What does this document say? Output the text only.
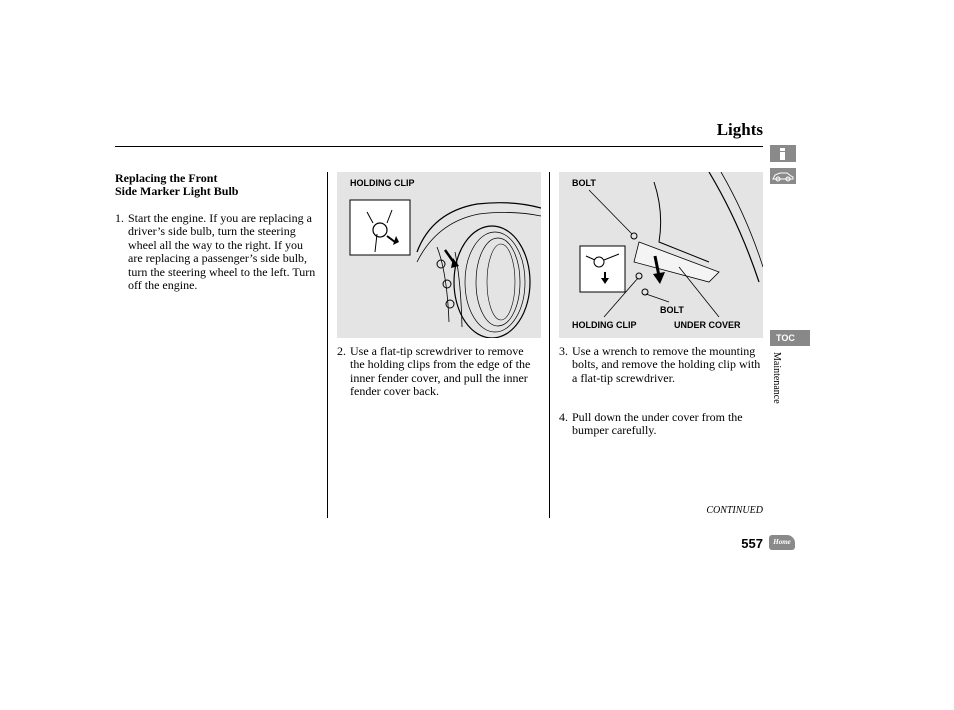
Lights
Replacing the Front
Side Marker Light Bulb
1. Start the engine. If you are replacing a driver’s side bulb, turn the steering wheel all the way to the right. If you are replacing a passenger’s side bulb, turn the steering wheel to the left. Turn off the engine.
HOLDING CLIP
2. Use a flat-tip screwdriver to remove the holding clips from the edge of the inner fender cover, and pull the inner fender cover back.
BOLT
BOLT
HOLDING CLIP	UNDER COVER
3. Use a wrench to remove the mounting bolts, and remove the holding clip with a flat-tip screwdriver.
4. Pull down the under cover from the bumper carefully.
CONTINUED
557
TOC
Maintenance
Home
